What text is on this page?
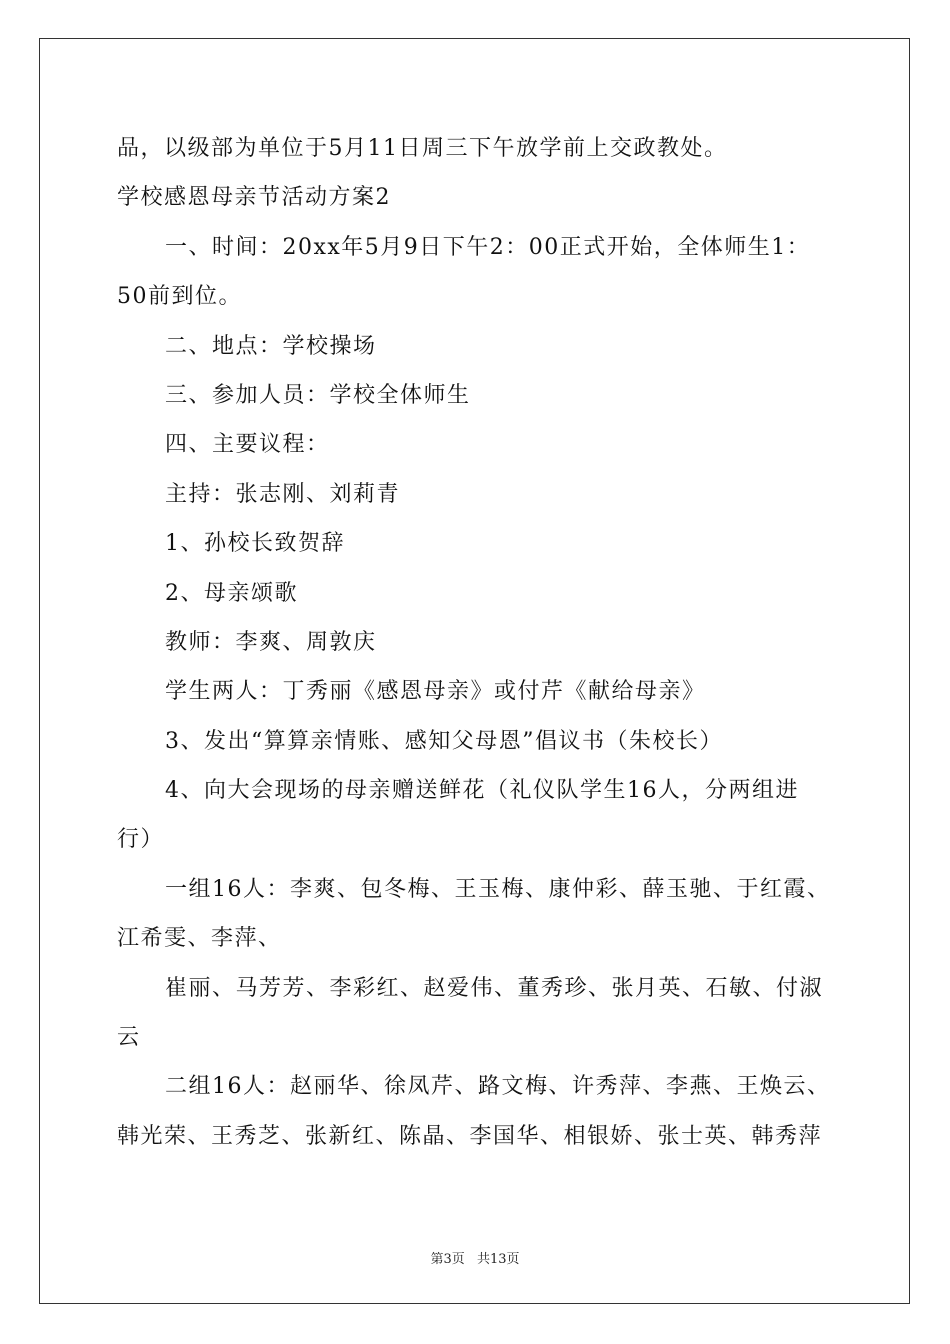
品，以级部为单位于5月11日周三下午放学前上交政教处。
学校感恩母亲节活动方案2
一、时间：20xx年5月9日下午2：00正式开始，全体师生1：
50前到位。
二、地点：学校操场
三、参加人员：学校全体师生
四、主要议程：
主持：张志刚、刘莉青
1、孙校长致贺辞
2、母亲颂歌
教师：李爽、周敦庆
学生两人：丁秀丽《感恩母亲》或付芹《献给母亲》
3、发出“算算亲情账、感知父母恩”倡议书（朱校长）
4、向大会现场的母亲赠送鲜花（礼仪队学生16人，分两组进
行）
一组16人：李爽、包冬梅、王玉梅、康仲彩、薛玉驰、于红霞、
江希雯、李萍、
崔丽、马芳芳、李彩红、赵爱伟、董秀珍、张月英、石敏、付淑
云
二组16人：赵丽华、徐凤芹、路文梅、许秀萍、李燕、王焕云、
韩光荣、王秀芝、张新红、陈晶、李国华、相银娇、张士英、韩秀萍
第3页 共13页
